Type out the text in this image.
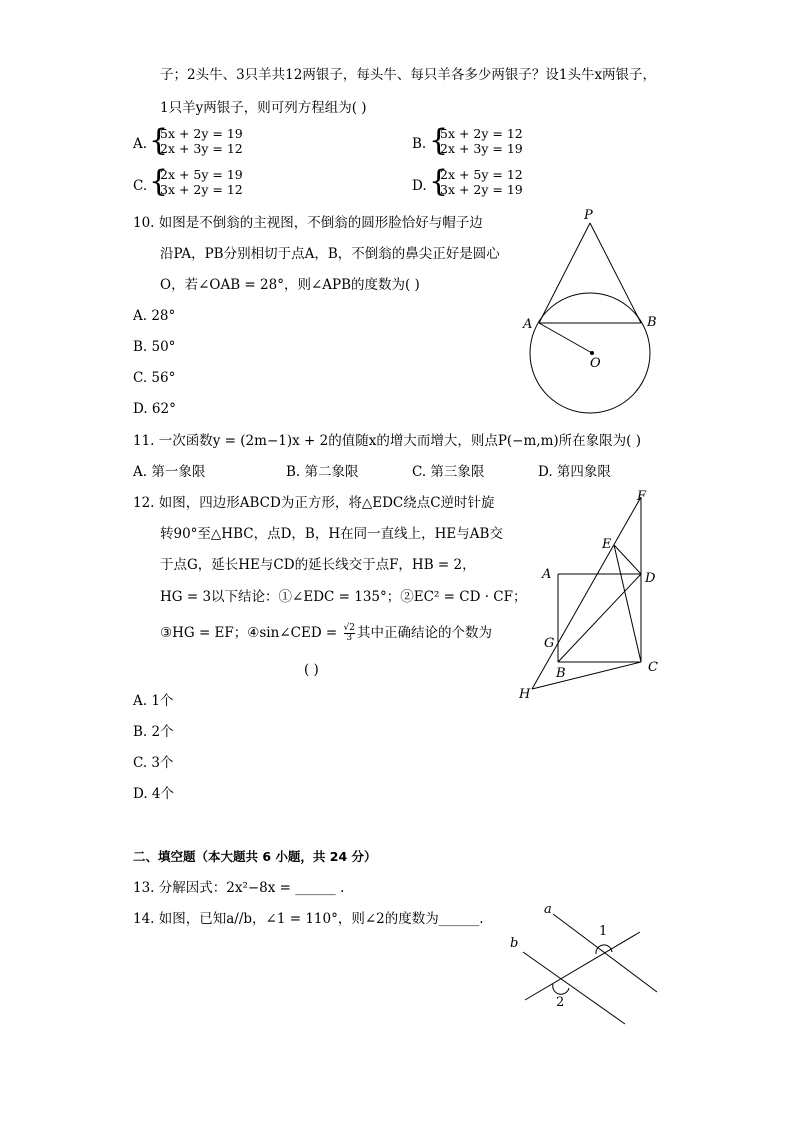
子；2头牛、3只羊共12两银子，每头牛、每只羊各多少两银子？设1头牛x两银子，
1只羊y两银子，则可列方程组为( )
A. {
5x + 2y = 19
2x + 3y = 12	B. {
5x + 2y = 12
2x + 3y = 19
C. {
2x + 5y = 19
3x + 2y = 12	D. {
2x + 5y = 12
3x + 2y = 19
10. 如图是不倒翁的主视图，不倒翁的圆形脸恰好与帽子边
沿PA，PB分别相切于点A，B，不倒翁的鼻尖正好是圆心
O，若∠OAB = 28°，则∠APB的度数为( )
A. 28°
B. 50°
C. 56°
D. 62°
P
A	B
O
11. 一次函数y = (2m−1)x + 2的值随x的增大而增大，则点P(−m,m)所在象限为( )
A. 第一象限	B. 第二象限	C. 第三象限	D. 第四象限
12. 如图，四边形ABCD为正方形，将△EDC绕点C逆时针旋
转90°至△HBC，点D，B，H在同一直线上，HE与AB交
于点G，延长HE与CD的延长线交于点F，HB = 2，
HG = 3以下结论：①∠EDC = 135°；②EC² = CD · CF；
③HG = EF；④sin∠CED = $\frac{√2}{3}$ 其中正确结论的个数为
( )
A. 1个
B. 2个
C. 3个
D. 4个
F
E
A	D
G
B	C
H
二、填空题（本大题共 6 小题，共 24 分）
13. 分解因式：2x²−8x = ______ .
14. 如图，已知a//b，∠1 = 110°，则∠2的度数为______.
a
b
1
2
